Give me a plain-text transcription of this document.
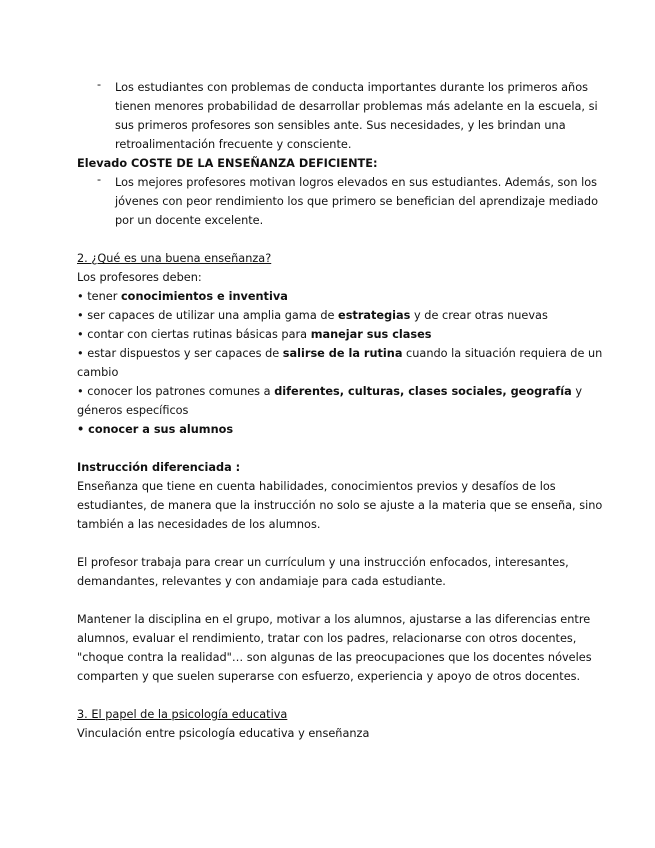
- Los estudiantes con problemas de conducta importantes durante los primeros años
tienen menores probabilidad de desarrollar problemas más adelante en la escuela, si
sus primeros profesores son sensibles ante. Sus necesidades, y les brindan una
retroalimentación frecuente y consciente.
Elevado COSTE DE LA ENSEÑANZA DEFICIENTE:
- Los mejores profesores motivan logros elevados en sus estudiantes. Además, son los
jóvenes con peor rendimiento los que primero se benefician del aprendizaje mediado
por un docente excelente.
2. ¿Qué es una buena enseñanza?
Los profesores deben:
• tener conocimientos e inventiva
• ser capaces de utilizar una amplia gama de estrategias y de crear otras nuevas
• contar con ciertas rutinas básicas para manejar sus clases
• estar dispuestos y ser capaces de salirse de la rutina cuando la situación requiera de un
cambio
• conocer los patrones comunes a diferentes, culturas, clases sociales, geografía y
géneros específicos
• conocer a sus alumnos
Instrucción diferenciada :
Enseñanza que tiene en cuenta habilidades, conocimientos previos y desafíos de los
estudiantes, de manera que la instrucción no solo se ajuste a la materia que se enseña, sino
también a las necesidades de los alumnos.
El profesor trabaja para crear un currículum y una instrucción enfocados, interesantes,
demandantes, relevantes y con andamiaje para cada estudiante.
Mantener la disciplina en el grupo, motivar a los alumnos, ajustarse a las diferencias entre
alumnos, evaluar el rendimiento, tratar con los padres, relacionarse con otros docentes,
"choque contra la realidad"… son algunas de las preocupaciones que los docentes nóveles
comparten y que suelen superarse con esfuerzo, experiencia y apoyo de otros docentes.
3. El papel de la psicología educativa
Vinculación entre psicología educativa y enseñanza
